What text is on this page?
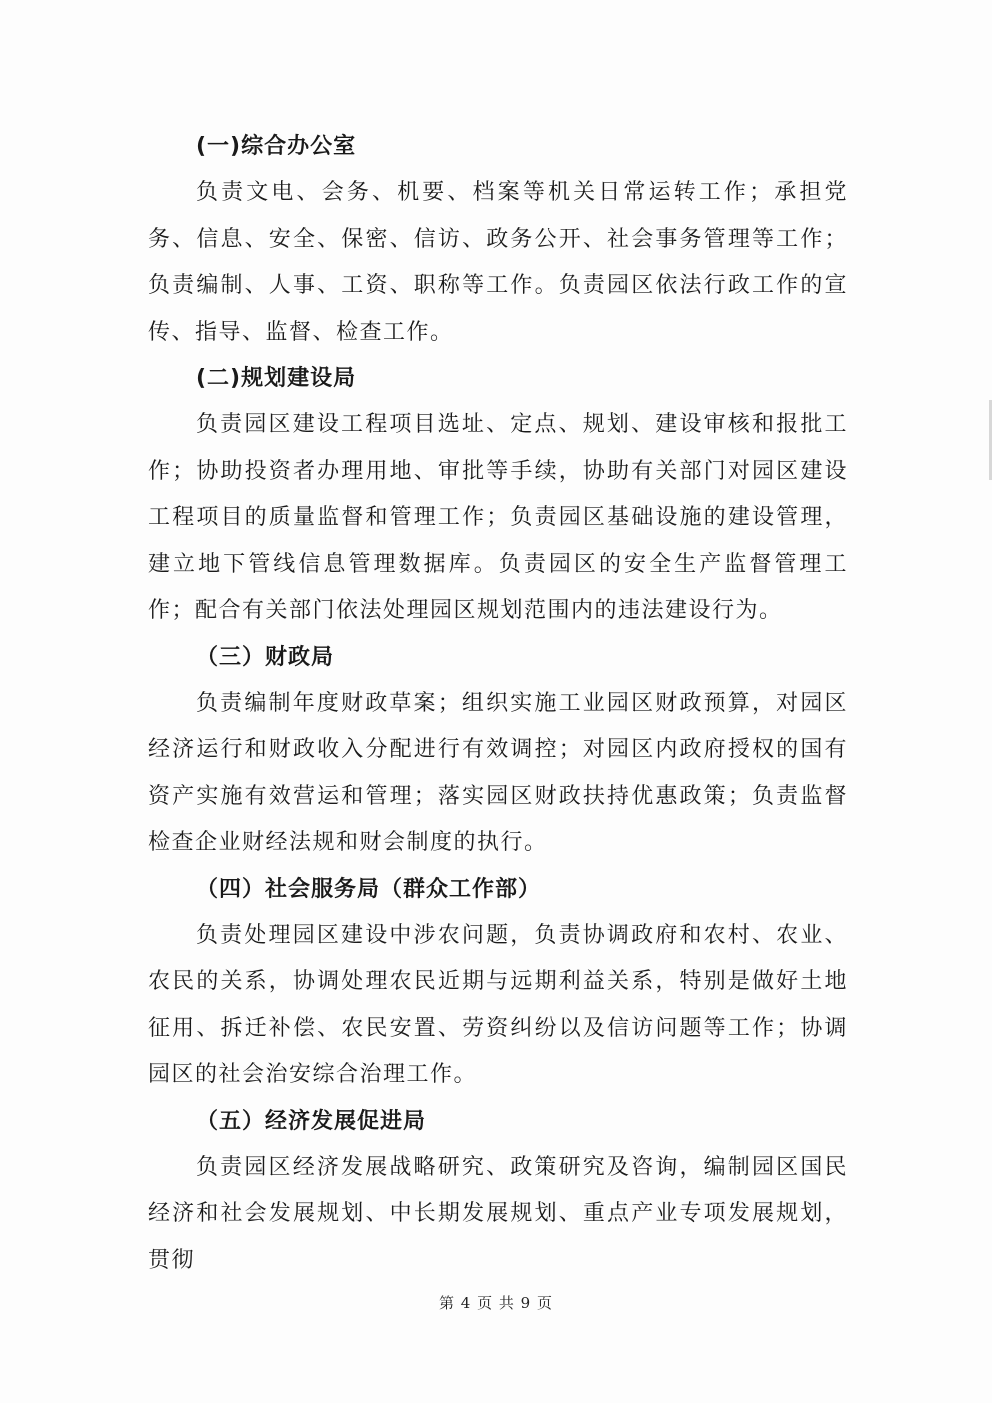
(一)综合办公室

负责文电、会务、机要、档案等机关日常运转工作；承担党务、信息、安全、保密、信访、政务公开、社会事务管理等工作；负责编制、人事、工资、职称等工作。负责园区依法行政工作的宣传、指导、监督、检查工作。

(二)规划建设局

负责园区建设工程项目选址、定点、规划、建设审核和报批工作；协助投资者办理用地、审批等手续，协助有关部门对园区建设工程项目的质量监督和管理工作；负责园区基础设施的建设管理，建立地下管线信息管理数据库。负责园区的安全生产监督管理工作；配合有关部门依法处理园区规划范围内的违法建设行为。

（三）财政局

负责编制年度财政草案；组织实施工业园区财政预算，对园区经济运行和财政收入分配进行有效调控；对园区内政府授权的国有资产实施有效营运和管理；落实园区财政扶持优惠政策；负责监督检查企业财经法规和财会制度的执行。

（四）社会服务局（群众工作部）

负责处理园区建设中涉农问题，负责协调政府和农村、农业、农民的关系，协调处理农民近期与远期利益关系，特别是做好土地征用、拆迁补偿、农民安置、劳资纠纷以及信访问题等工作；协调园区的社会治安综合治理工作。

（五）经济发展促进局

负责园区经济发展战略研究、政策研究及咨询，编制园区国民经济和社会发展规划、中长期发展规划、重点产业专项发展规划，贯彻

第 4 页 共 9 页
